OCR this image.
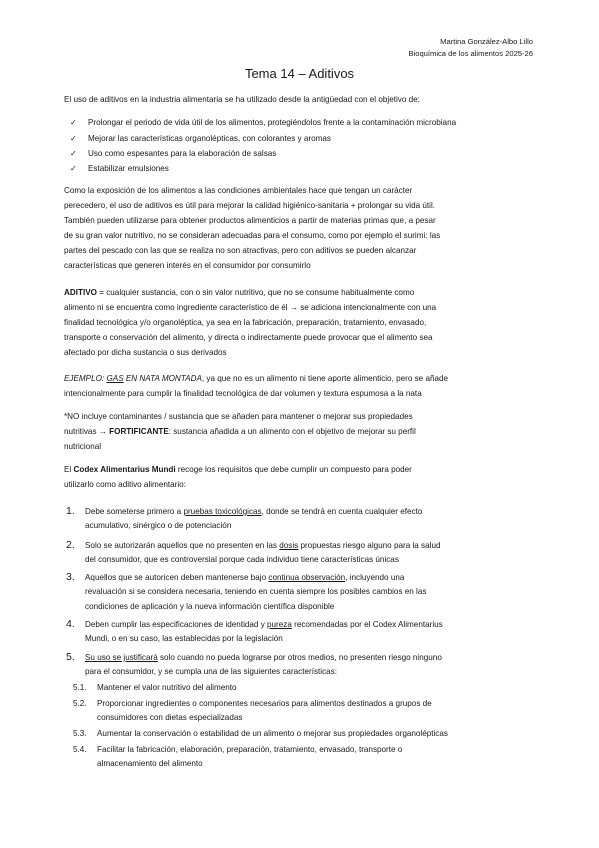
Martina González-Albo Lillo
Bioquímica de los alimentos 2025-26
Tema 14 – Aditivos
El uso de aditivos en la industria alimentaria se ha utilizado desde la antigüedad con el objetivo de:
✓ Prolongar el periodo de vida útil de los alimentos, protegiéndolos frente a la contaminación microbiana
✓ Mejorar las características organolépticas, con colorantes y aromas
✓ Uso como espesantes para la elaboración de salsas
✓ Estabilizar emulsiones
Como la exposición de los alimentos a las condiciones ambientales hace que tengan un carácter
perecedero, el uso de aditivos es útil para mejorar la calidad higiénico-sanitaria + prolongar su vida útil.
También pueden utilizarse para obtener productos alimenticios a partir de materias primas que, a pesar
de su gran valor nutritivo, no se consideran adecuadas para el consumo, como por ejemplo el surimi: las
partes del pescado con las que se realiza no son atractivas, pero con aditivos se pueden alcanzar
características que generen interés en el consumidor por consumirlo
ADITIVO = cualquier sustancia, con o sin valor nutritivo, que no se consume habitualmente como
alimento ni se encuentra como ingrediente característico de él → se adiciona intencionalmente con una
finalidad tecnológica y/o organoléptica, ya sea en la fabricación, preparación, tratamiento, envasado,
transporte o conservación del alimento, y directa o indirectamente puede provocar que el alimento sea
afectado por dicha sustancia o sus derivados
EJEMPLO: GAS EN NATA MONTADA, ya que no es un alimento ni tiene aporte alimenticio, pero se añade
intencionalmente para cumplir la finalidad tecnológica de dar volumen y textura espumosa a la nata
*NO incluye contaminantes / sustancia que se añaden para mantener o mejorar sus propiedades
nutritivas → FORTIFICANTE: sustancia añadida a un alimento con el objetivo de mejorar su perfil
nutricional
El Codex Alimentarius Mundi recoge los requisitos que debe cumplir un compuesto para poder
utilizarlo como aditivo alimentario:
1. Debe someterse primero a pruebas toxicológicas, donde se tendrá en cuenta cualquier efecto
acumulativo, sinérgico o de potenciación
2. Solo se autorizarán aquellos que no presenten en las dosis propuestas riesgo alguno para la salud
del consumidor, que es controversial porque cada individuo tiene características únicas
3. Aquellos que se autoricen deben mantenerse bajo continua observación, incluyendo una
revaluación si se considera necesaria, teniendo en cuenta siempre los posibles cambios en las
condiciones de aplicación y la nueva información científica disponible
4. Deben cumplir las especificaciones de identidad y pureza recomendadas por el Codex Alimentarius
Mundi, o en su caso, las establecidas por la legislación
5. Su uso se justificará solo cuando no pueda lograrse por otros medios, no presenten riesgo ninguno
para el consumidor, y se cumpla una de las siguientes características:
5.1. Mantener el valor nutritivo del alimento
5.2. Proporcionar ingredientes o componentes necesarios para alimentos destinados a grupos de
consumidores con dietas especializadas
5.3. Aumentar la conservación o estabilidad de un alimento o mejorar sus propiedades organolépticas
5.4. Facilitar la fabricación, elaboración, preparación, tratamiento, envasado, transporte o
almacenamiento del alimento
